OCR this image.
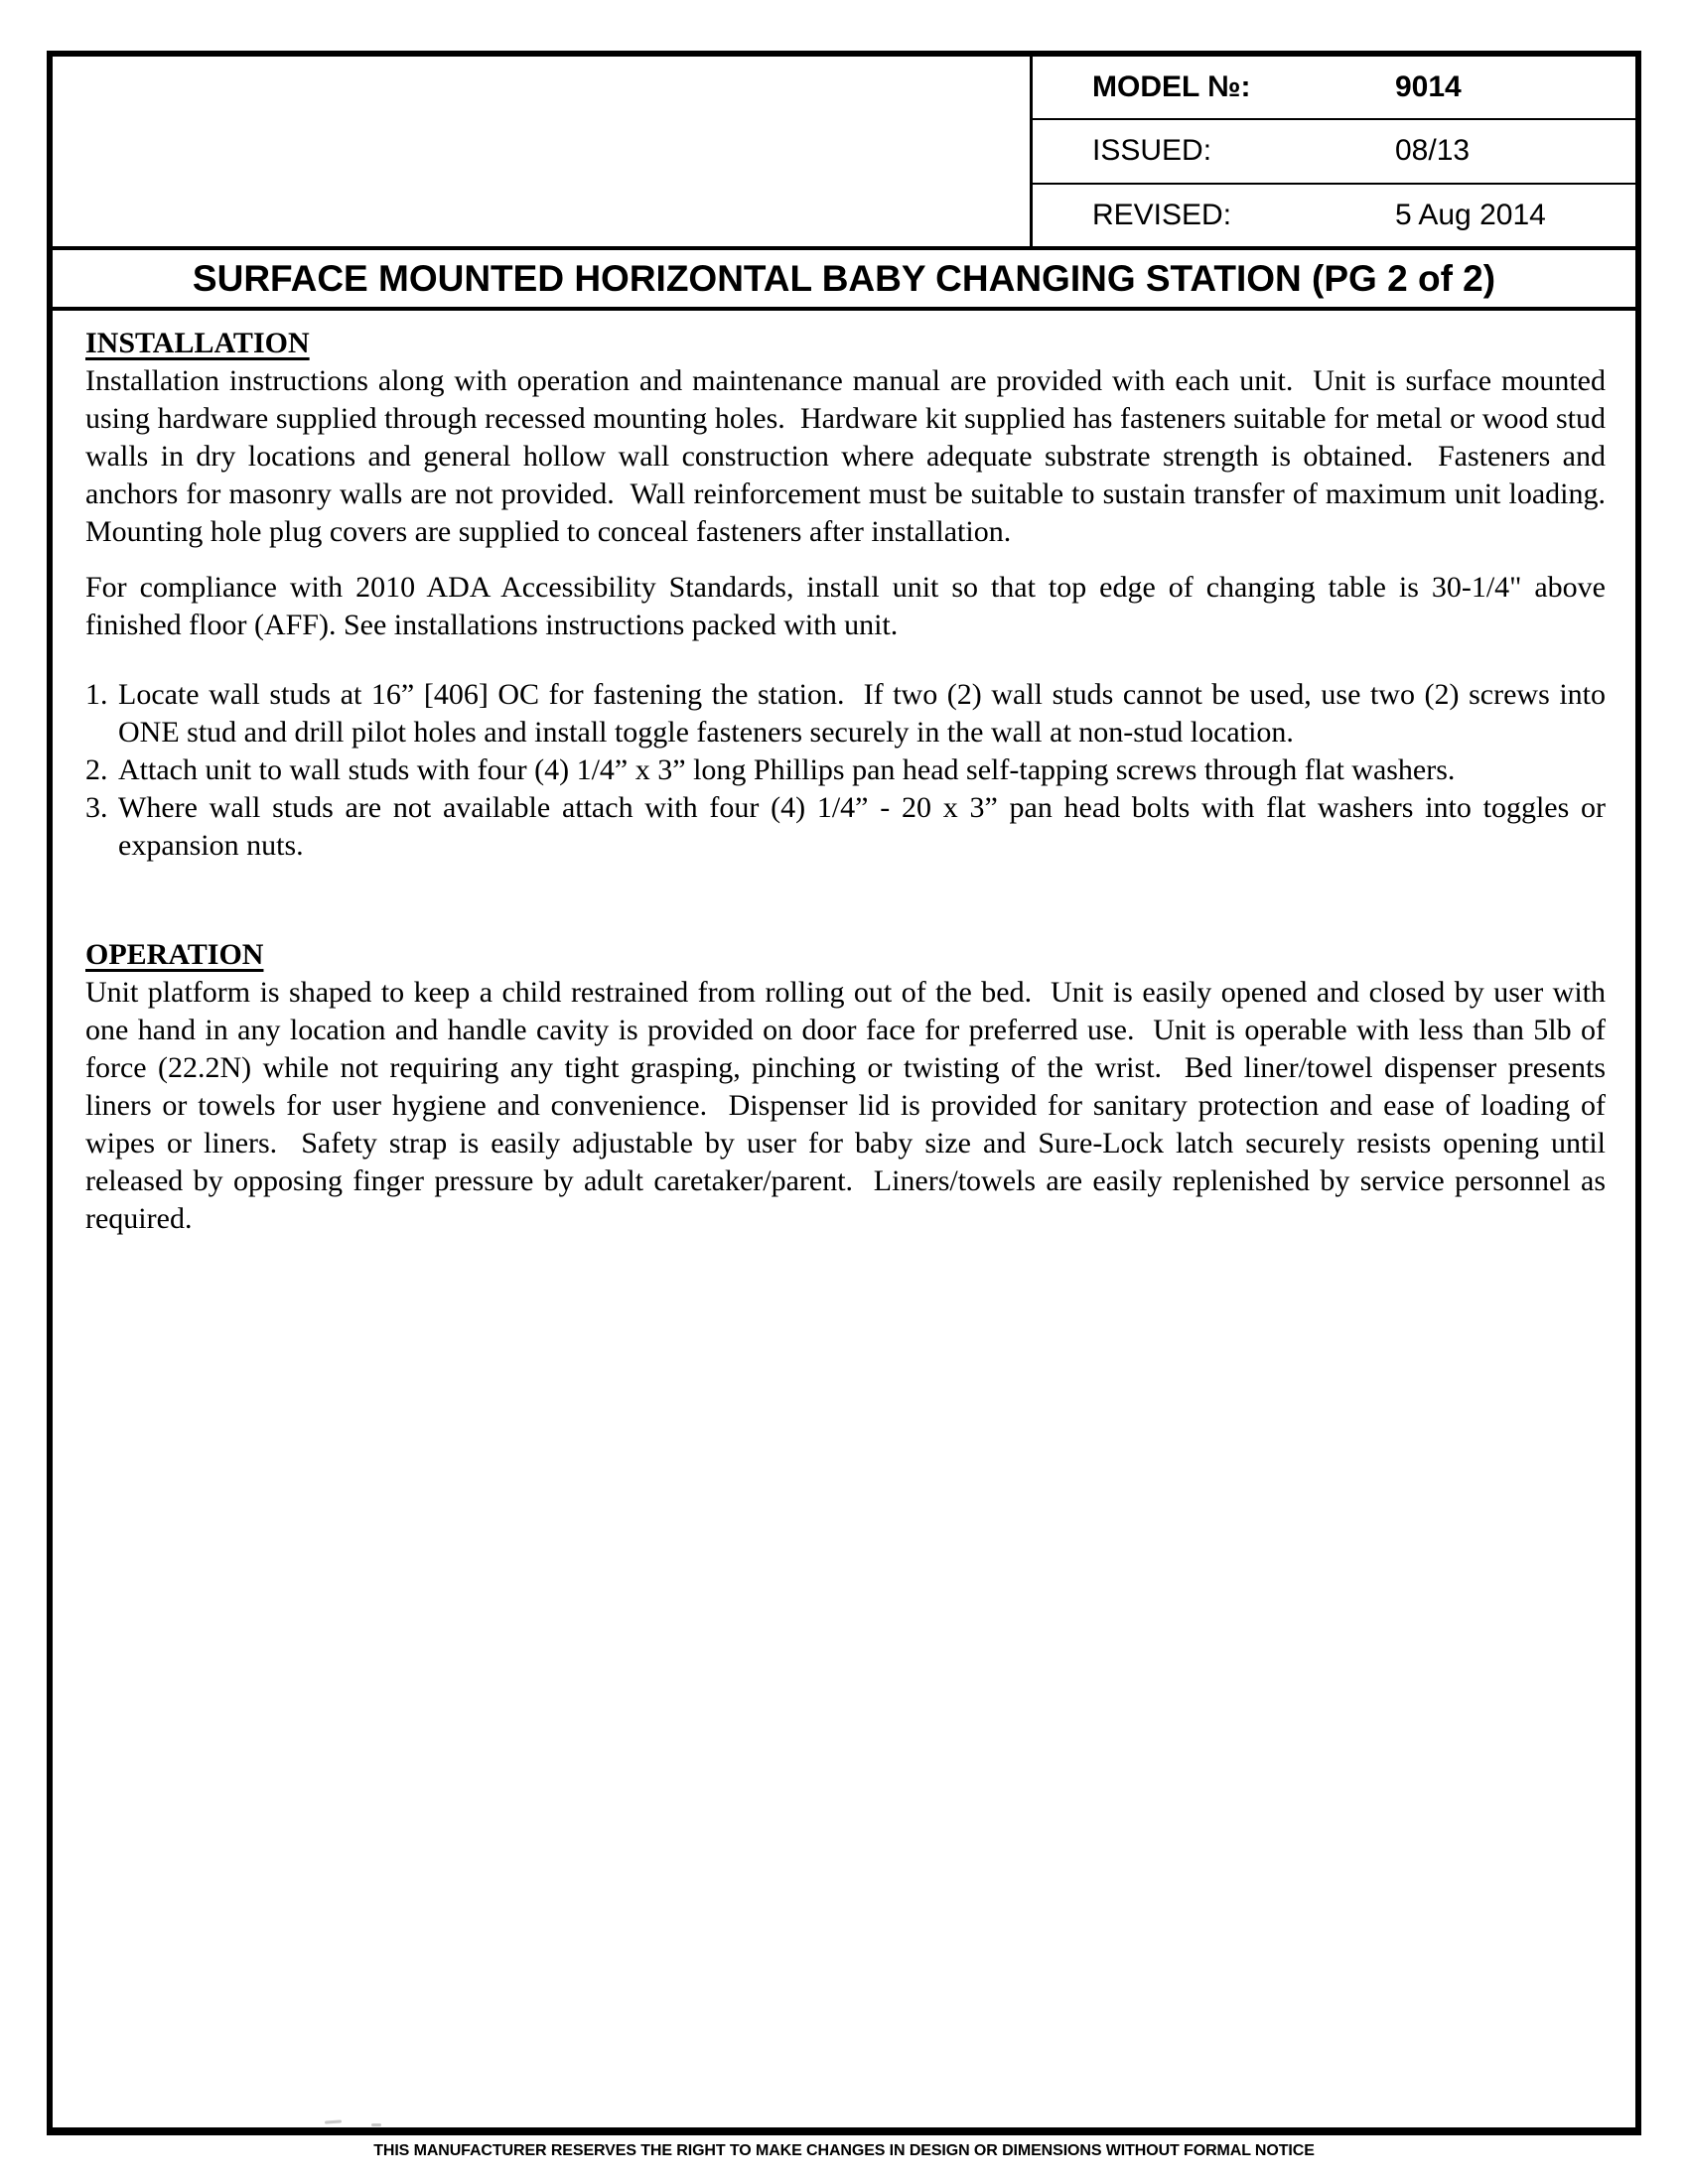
MODEL №:	9014
ISSUED:	08/13
REVISED:	5 Aug 2014
SURFACE MOUNTED HORIZONTAL BABY CHANGING STATION (PG 2 of 2)
INSTALLATION

Installation instructions along with operation and maintenance manual are provided with each unit.  Unit is surface mounted using hardware supplied through recessed mounting holes.  Hardware kit supplied has fasteners suitable for metal or wood stud walls in dry locations and general hollow wall construction where adequate substrate strength is obtained.  Fasteners and anchors for masonry walls are not provided.  Wall reinforcement must be suitable to sustain transfer of maximum unit loading.  Mounting hole plug covers are supplied to conceal fasteners after installation.

For compliance with 2010 ADA Accessibility Standards, install unit so that top edge of changing table is 30-1/4" above finished floor (AFF). See installations instructions packed with unit.

1. Locate wall studs at 16” [406] OC for fastening the station.  If two (2) wall studs cannot be used, use two (2) screws into ONE stud and drill pilot holes and install toggle fasteners securely in the wall at non-stud location.
2. Attach unit to wall studs with four (4) 1/4” x 3” long Phillips pan head self-tapping screws through flat washers.
3. Where wall studs are not available attach with four (4) 1/4” - 20 x 3” pan head bolts with flat washers into toggles or expansion nuts.
OPERATION

Unit platform is shaped to keep a child restrained from rolling out of the bed.  Unit is easily opened and closed by user with one hand in any location and handle cavity is provided on door face for preferred use.  Unit is operable with less than 5lb of force (22.2N) while not requiring any tight grasping, pinching or twisting of the wrist.  Bed liner/towel dispenser presents liners or towels for user hygiene and convenience.  Dispenser lid is provided for sanitary protection and ease of loading of wipes or liners.  Safety strap is easily adjustable by user for baby size and Sure-Lock latch securely resists opening until released by opposing finger pressure by adult caretaker/parent.  Liners/towels are easily replenished by service personnel as required.

THIS MANUFACTURER RESERVES THE RIGHT TO MAKE CHANGES IN DESIGN OR DIMENSIONS WITHOUT FORMAL NOTICE
